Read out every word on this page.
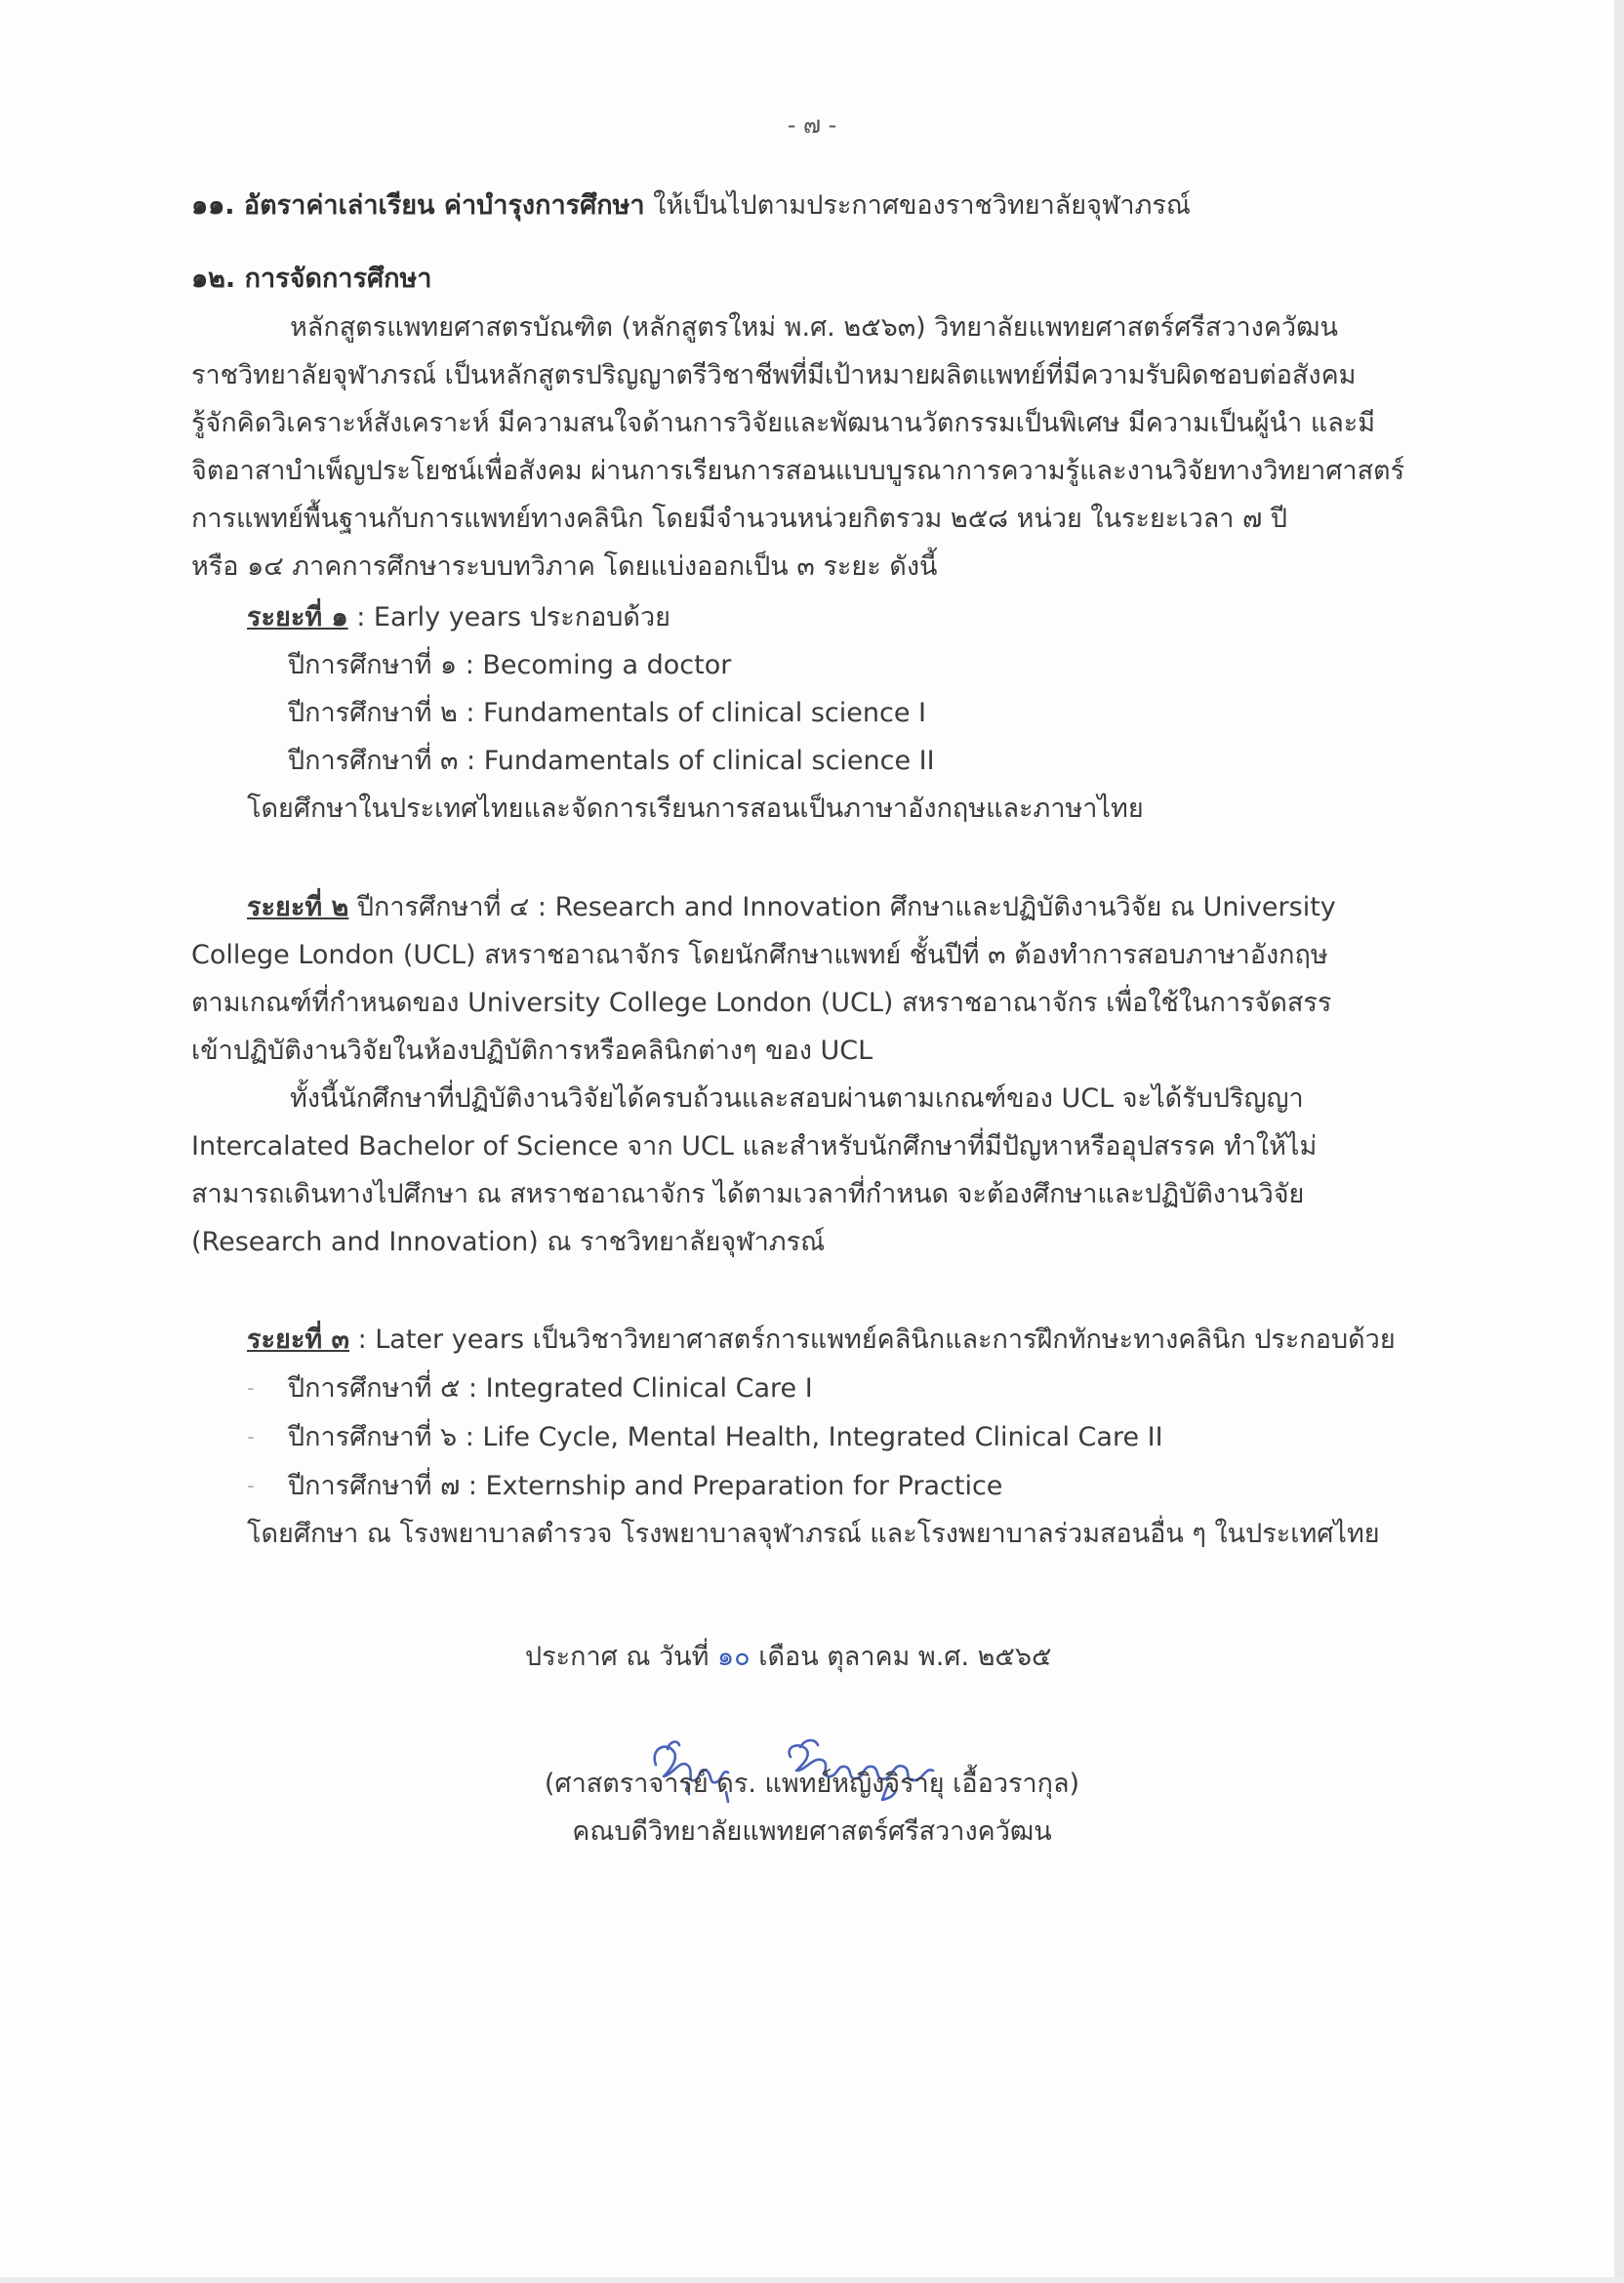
- ๗ -
๑๑. อัตราค่าเล่าเรียน ค่าบำรุงการศึกษา ให้เป็นไปตามประกาศของราชวิทยาลัยจุฬาภรณ์
๑๒. การจัดการศึกษา
หลักสูตรแพทยศาสตรบัณฑิต (หลักสูตรใหม่ พ.ศ. ๒๕๖๓) วิทยาลัยแพทยศาสตร์ศรีสวางควัฒน
ราชวิทยาลัยจุฬาภรณ์ เป็นหลักสูตรปริญญาตรีวิชาชีพที่มีเป้าหมายผลิตแพทย์ที่มีความรับผิดชอบต่อสังคม
รู้จักคิดวิเคราะห์สังเคราะห์ มีความสนใจด้านการวิจัยและพัฒนานวัตกรรมเป็นพิเศษ มีความเป็นผู้นำ และมี
จิตอาสาบำเพ็ญประโยชน์เพื่อสังคม ผ่านการเรียนการสอนแบบบูรณาการความรู้และงานวิจัยทางวิทยาศาสตร์
การแพทย์พื้นฐานกับการแพทย์ทางคลินิก โดยมีจำนวนหน่วยกิตรวม ๒๕๘ หน่วย ในระยะเวลา ๗ ปี
หรือ ๑๔ ภาคการศึกษาระบบทวิภาค โดยแบ่งออกเป็น ๓ ระยะ ดังนี้
ระยะที่ ๑ : Early years ประกอบด้วย
ปีการศึกษาที่ ๑ : Becoming a doctor
ปีการศึกษาที่ ๒ : Fundamentals of clinical science I
ปีการศึกษาที่ ๓ : Fundamentals of clinical science II
โดยศึกษาในประเทศไทยและจัดการเรียนการสอนเป็นภาษาอังกฤษและภาษาไทย
ระยะที่ ๒ ปีการศึกษาที่ ๔ : Research and Innovation ศึกษาและปฏิบัติงานวิจัย ณ University
College London (UCL) สหราชอาณาจักร โดยนักศึกษาแพทย์ ชั้นปีที่ ๓ ต้องทำการสอบภาษาอังกฤษ
ตามเกณฑ์ที่กำหนดของ University College London (UCL) สหราชอาณาจักร เพื่อใช้ในการจัดสรร
เข้าปฏิบัติงานวิจัยในห้องปฏิบัติการหรือคลินิกต่างๆ ของ UCL
ทั้งนี้นักศึกษาที่ปฏิบัติงานวิจัยได้ครบถ้วนและสอบผ่านตามเกณฑ์ของ UCL จะได้รับปริญญา
Intercalated Bachelor of Science จาก UCL และสำหรับนักศึกษาที่มีปัญหาหรืออุปสรรค ทำให้ไม่
สามารถเดินทางไปศึกษา ณ สหราชอาณาจักร ได้ตามเวลาที่กำหนด จะต้องศึกษาและปฏิบัติงานวิจัย
(Research and Innovation) ณ ราชวิทยาลัยจุฬาภรณ์
ระยะที่ ๓ : Later years เป็นวิชาวิทยาศาสตร์การแพทย์คลินิกและการฝึกทักษะทางคลินิก ประกอบด้วย
- ปีการศึกษาที่ ๕ : Integrated Clinical Care I
- ปีการศึกษาที่ ๖ : Life Cycle, Mental Health, Integrated Clinical Care II
- ปีการศึกษาที่ ๗ : Externship and Preparation for Practice
โดยศึกษา ณ โรงพยาบาลตำรวจ โรงพยาบาลจุฬาภรณ์ และโรงพยาบาลร่วมสอนอื่น ๆ ในประเทศไทย
ประกาศ ณ วันที่ ๑๐ เดือน ตุลาคม พ.ศ. ๒๕๖๕
(ศาสตราจารย์ ดร. แพทย์หญิงจิรายุ เอื้อวรากุล)
คณบดีวิทยาลัยแพทยศาสตร์ศรีสวางควัฒน
